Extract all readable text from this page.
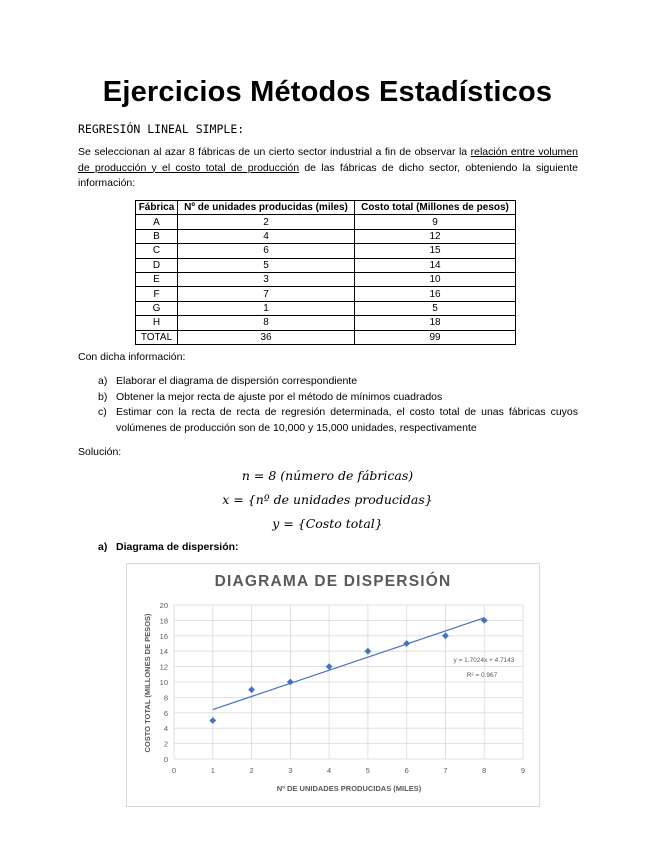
Ejercicios Métodos Estadísticos
REGRESIÓN LINEAL SIMPLE:
Se seleccionan al azar 8 fábricas de un cierto sector industrial a fin de observar la relación entre volumen de producción y el costo total de producción de las fábricas de dicho sector, obteniendo la siguiente información:
Fábrica	Nº de unidades producidas (miles)	Costo total (Millones de pesos)
A	2	9
B	4	12
C	6	15
D	5	14
E	3	10
F	7	16
G	1	5
H	8	18
TOTAL	36	99
Con dicha información:
a) Elaborar el diagrama de dispersión correspondiente
b) Obtener la mejor recta de ajuste por el método de mínimos cuadrados
c) Estimar con la recta de recta de regresión determinada, el costo total de unas fábricas cuyos volúmenes de producción son de 10,000 y 15,000 unidades, respectivamente
Solución:
n = 8 (número de fábricas)
x = {nº de unidades producidas}
y = {Costo total}
a) Diagrama de dispersión:
DIAGRAMA DE DISPERSIÓN
0
2
4
6
8
10
12
14
16
18
20
0	1	2	3	4	5	6	7	8	9
y = 1.7024x + 4.7143
R² = 0.967
Nº DE UNIDADES PRODUCIDAS (MILES)
COSTO TOTAL (MILLONES DE PESOS)
